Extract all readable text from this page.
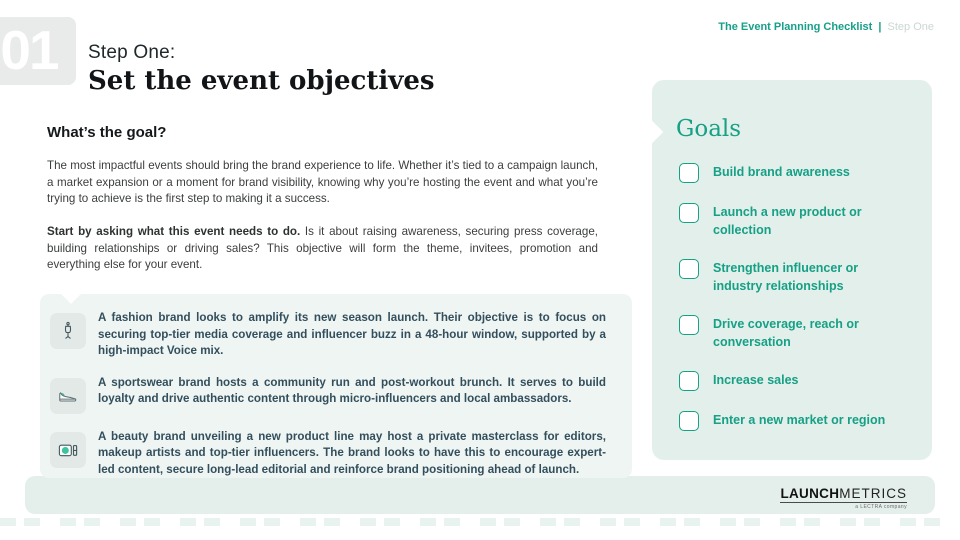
01	The Event Planning Checklist | Step One
Step One:
Set the event objectives
What’s the goal?

The most impactful events should bring the brand experience to life. Whether it’s tied to a campaign launch, a market expansion or a moment for brand visibility, knowing why you’re hosting the event and what you’re trying to achieve is the first step to making it a success.

Start by asking what this event needs to do. Is it about raising awareness, securing press coverage, building relationships or driving sales? This objective will form the theme, invitees, promotion and everything else for your event.

A fashion brand looks to amplify its new season launch. Their objective is to focus on securing top-tier media coverage and influencer buzz in a 48-hour window, supported by a high-impact Voice mix.
A sportswear brand hosts a community run and post-workout brunch. It serves to build loyalty and drive authentic content through micro-influencers and local ambassadors.
A beauty brand unveiling a new product line may host a private masterclass for editors, makeup artists and top-tier influencers. The brand looks to have this to encourage expert-led content, secure long-lead editorial and reinforce brand positioning ahead of launch.
Goals
Build brand awareness
Launch a new product or collection
Strengthen influencer or industry relationships
Drive coverage, reach or conversation
Increase sales
Enter a new market or region
LAUNCHMETRICS
a LECTRA company
